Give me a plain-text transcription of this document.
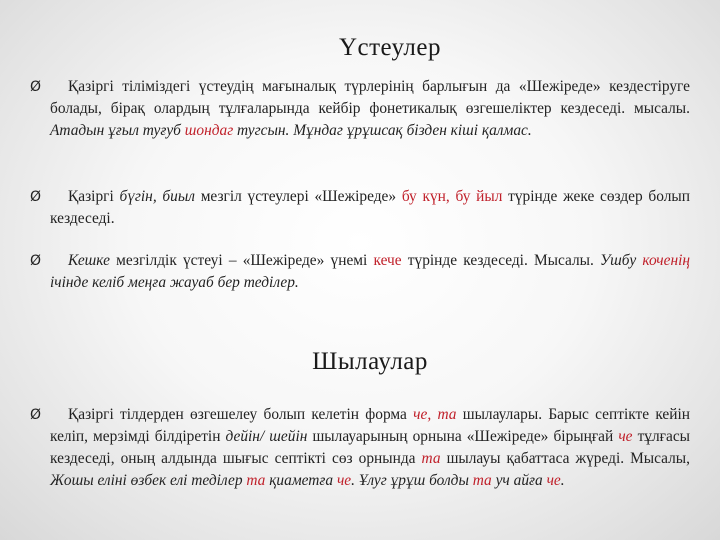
Үстеулер
Ø	Қазіргі тіліміздегі үстеудің мағыналық түрлерінің барлығын да «Шежіреде» кездестіруге болады, бірақ олардың тұлғаларында кейбір фонетикалық өзгешеліктер кездеседі. мысалы. Атадын ұғыл туғуб шондаг тугсын. Мұндаг ұрұшсақ бізден кіші қалмас.
Ø	Қазіргі бүгін, биыл мезгіл үстеулері «Шежіреде» бу күн, бу йыл түрінде жеке сөздер болып кездеседі.
Ø	Кешке мезгілдік үстеуі – «Шежіреде» үнемі кече түрінде кездеседі. Мысалы. Ушбу коченің ічінде келіб меңға жауаб бер теділер.
Шылаулар
Ø	Қазіргі тілдерден өзгешелеу болып келетін форма че, та шылаулары. Барыс септікте кейін келіп, мерзімді білдіретін дейін/ шейін шылауарының орнына «Шежіреде» бірыңғай че тұлғасы кездеседі, оның алдында шығыс септікті сөз орнында та шылауы қабаттаса жүреді. Мысалы, Жошы еліні өзбек елі теділер та қиаметға че. Ұлуг ұрұш болды та уч айға че.
